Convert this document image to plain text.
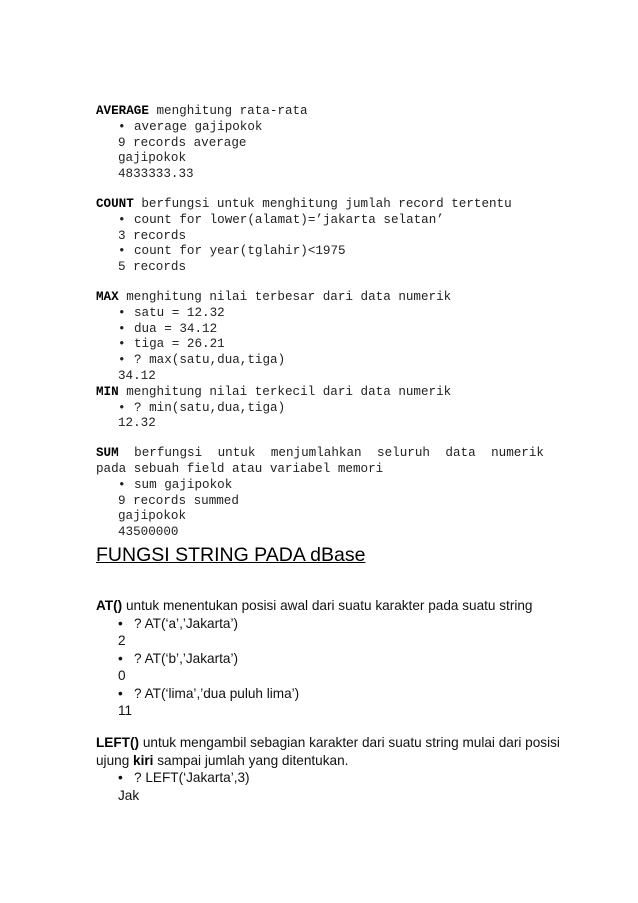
AVERAGE menghitung rata-rata
• average gajipokok
9 records average
gajipokok
4833333.33
COUNT berfungsi untuk menghitung jumlah record tertentu
• count for lower(alamat)=’jakarta selatan’
3 records
• count for year(tglahir)<1975
5 records
MAX menghitung nilai terbesar dari data numerik
• satu = 12.32
• dua = 34.12
• tiga = 26.21
• ? max(satu,dua,tiga)
34.12
MIN menghitung nilai terkecil dari data numerik
• ? min(satu,dua,tiga)
12.32
SUM berfungsi untuk menjumlahkan seluruh data numerik
pada sebuah field atau variabel memori
• sum gajipokok
9 records summed
gajipokok
43500000
FUNGSI STRING PADA dBase
AT() untuk menentukan posisi awal dari suatu karakter pada suatu string
• ? AT(‘a’,’Jakarta’)
2
• ? AT(‘b’,’Jakarta’)
0
• ? AT(‘lima’,’dua puluh lima’)
11
LEFT() untuk mengambil sebagian karakter dari suatu string mulai dari posisi
ujung kiri sampai jumlah yang ditentukan.
• ? LEFT(‘Jakarta’,3)
Jak
